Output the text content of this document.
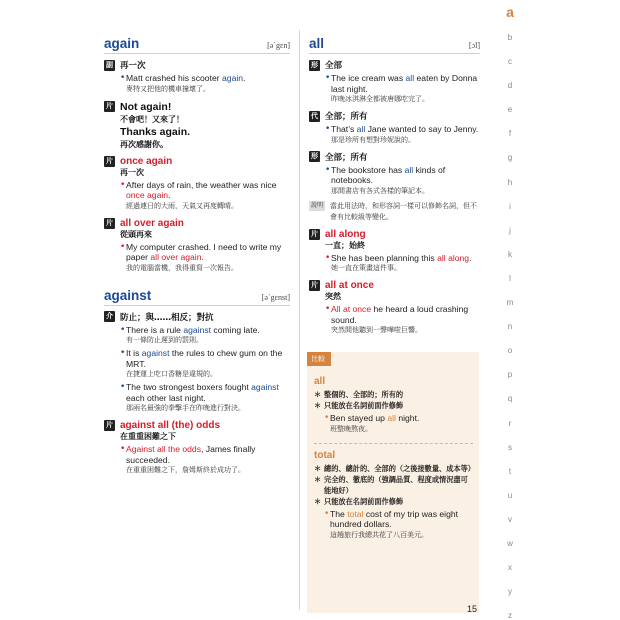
again	[ə`gɛn]
副 再一次
• Matt crashed his scooter again.
麥特又把他的機車撞壞了。
片 Not again!
不會吧！又來了！
Thanks again.
再次感謝你。
片 once again
再一次
• After days of rain, the weather was nice once again.
經過連日的大雨，天氣又再度轉晴。
片 all over again
從頭再來
• My computer crashed. I need to write my paper all over again.
我的電腦當機，我得重寫一次報告。
against	[ə`gɛnst]
介 防止；與……相反；對抗
• There is a rule against coming late.
有一條防止遲到的罰則。
• It is against the rules to chew gum on the MRT.
在捷運上吃口香糖是違規的。
• The two strongest boxers fought against each other last night.
那兩名最強的拳擊手在昨晚進行對決。
片 against all (the) odds
在重重困難之下
• Against all the odds, James finally succeeded.
在重重困難之下，詹姆斯終於成功了。
all	[ɔl]
形 全部
• The ice cream was all eaten by Donna last night.
昨晚冰淇淋全都被唐娜吃完了。
代 全部；所有
• That’s all Jane wanted to say to Jenny.
那是珍所有想對珍妮說的。
形 全部；所有
• The bookstore has all kinds of notebooks.
那間書店有各式各樣的筆記本。
說明 當此用法時，和形容詞一樣可以修飾名詞，但不會有比較級等變化。
片 all along
一直；始終
• She has been planning this all along.
她一直在策畫這件事。
片 all at once
突然
• All at once he heard a loud crashing sound.
突然間他聽到一聲嘩啦巨響。
比較
all
＊ 整個的、全部的；所有的
＊ 只能放在名詞前面作修飾
• Ben stayed up all night.
班整晚熬夜。
total
＊ 總的、總計的、全部的（之後接數量、成本等）
＊ 完全的、徹底的（強調品質、程度或情況盡可能地好）
＊ 只能放在名詞前面作修飾
• The total cost of my trip was eight hundred dollars.
這趟旅行我總共花了八百美元。
15
a
b
c
d
e
f
g
h
i
j
k
l
m
n
o
p
q
r
s
t
u
v
w
x
y
z
